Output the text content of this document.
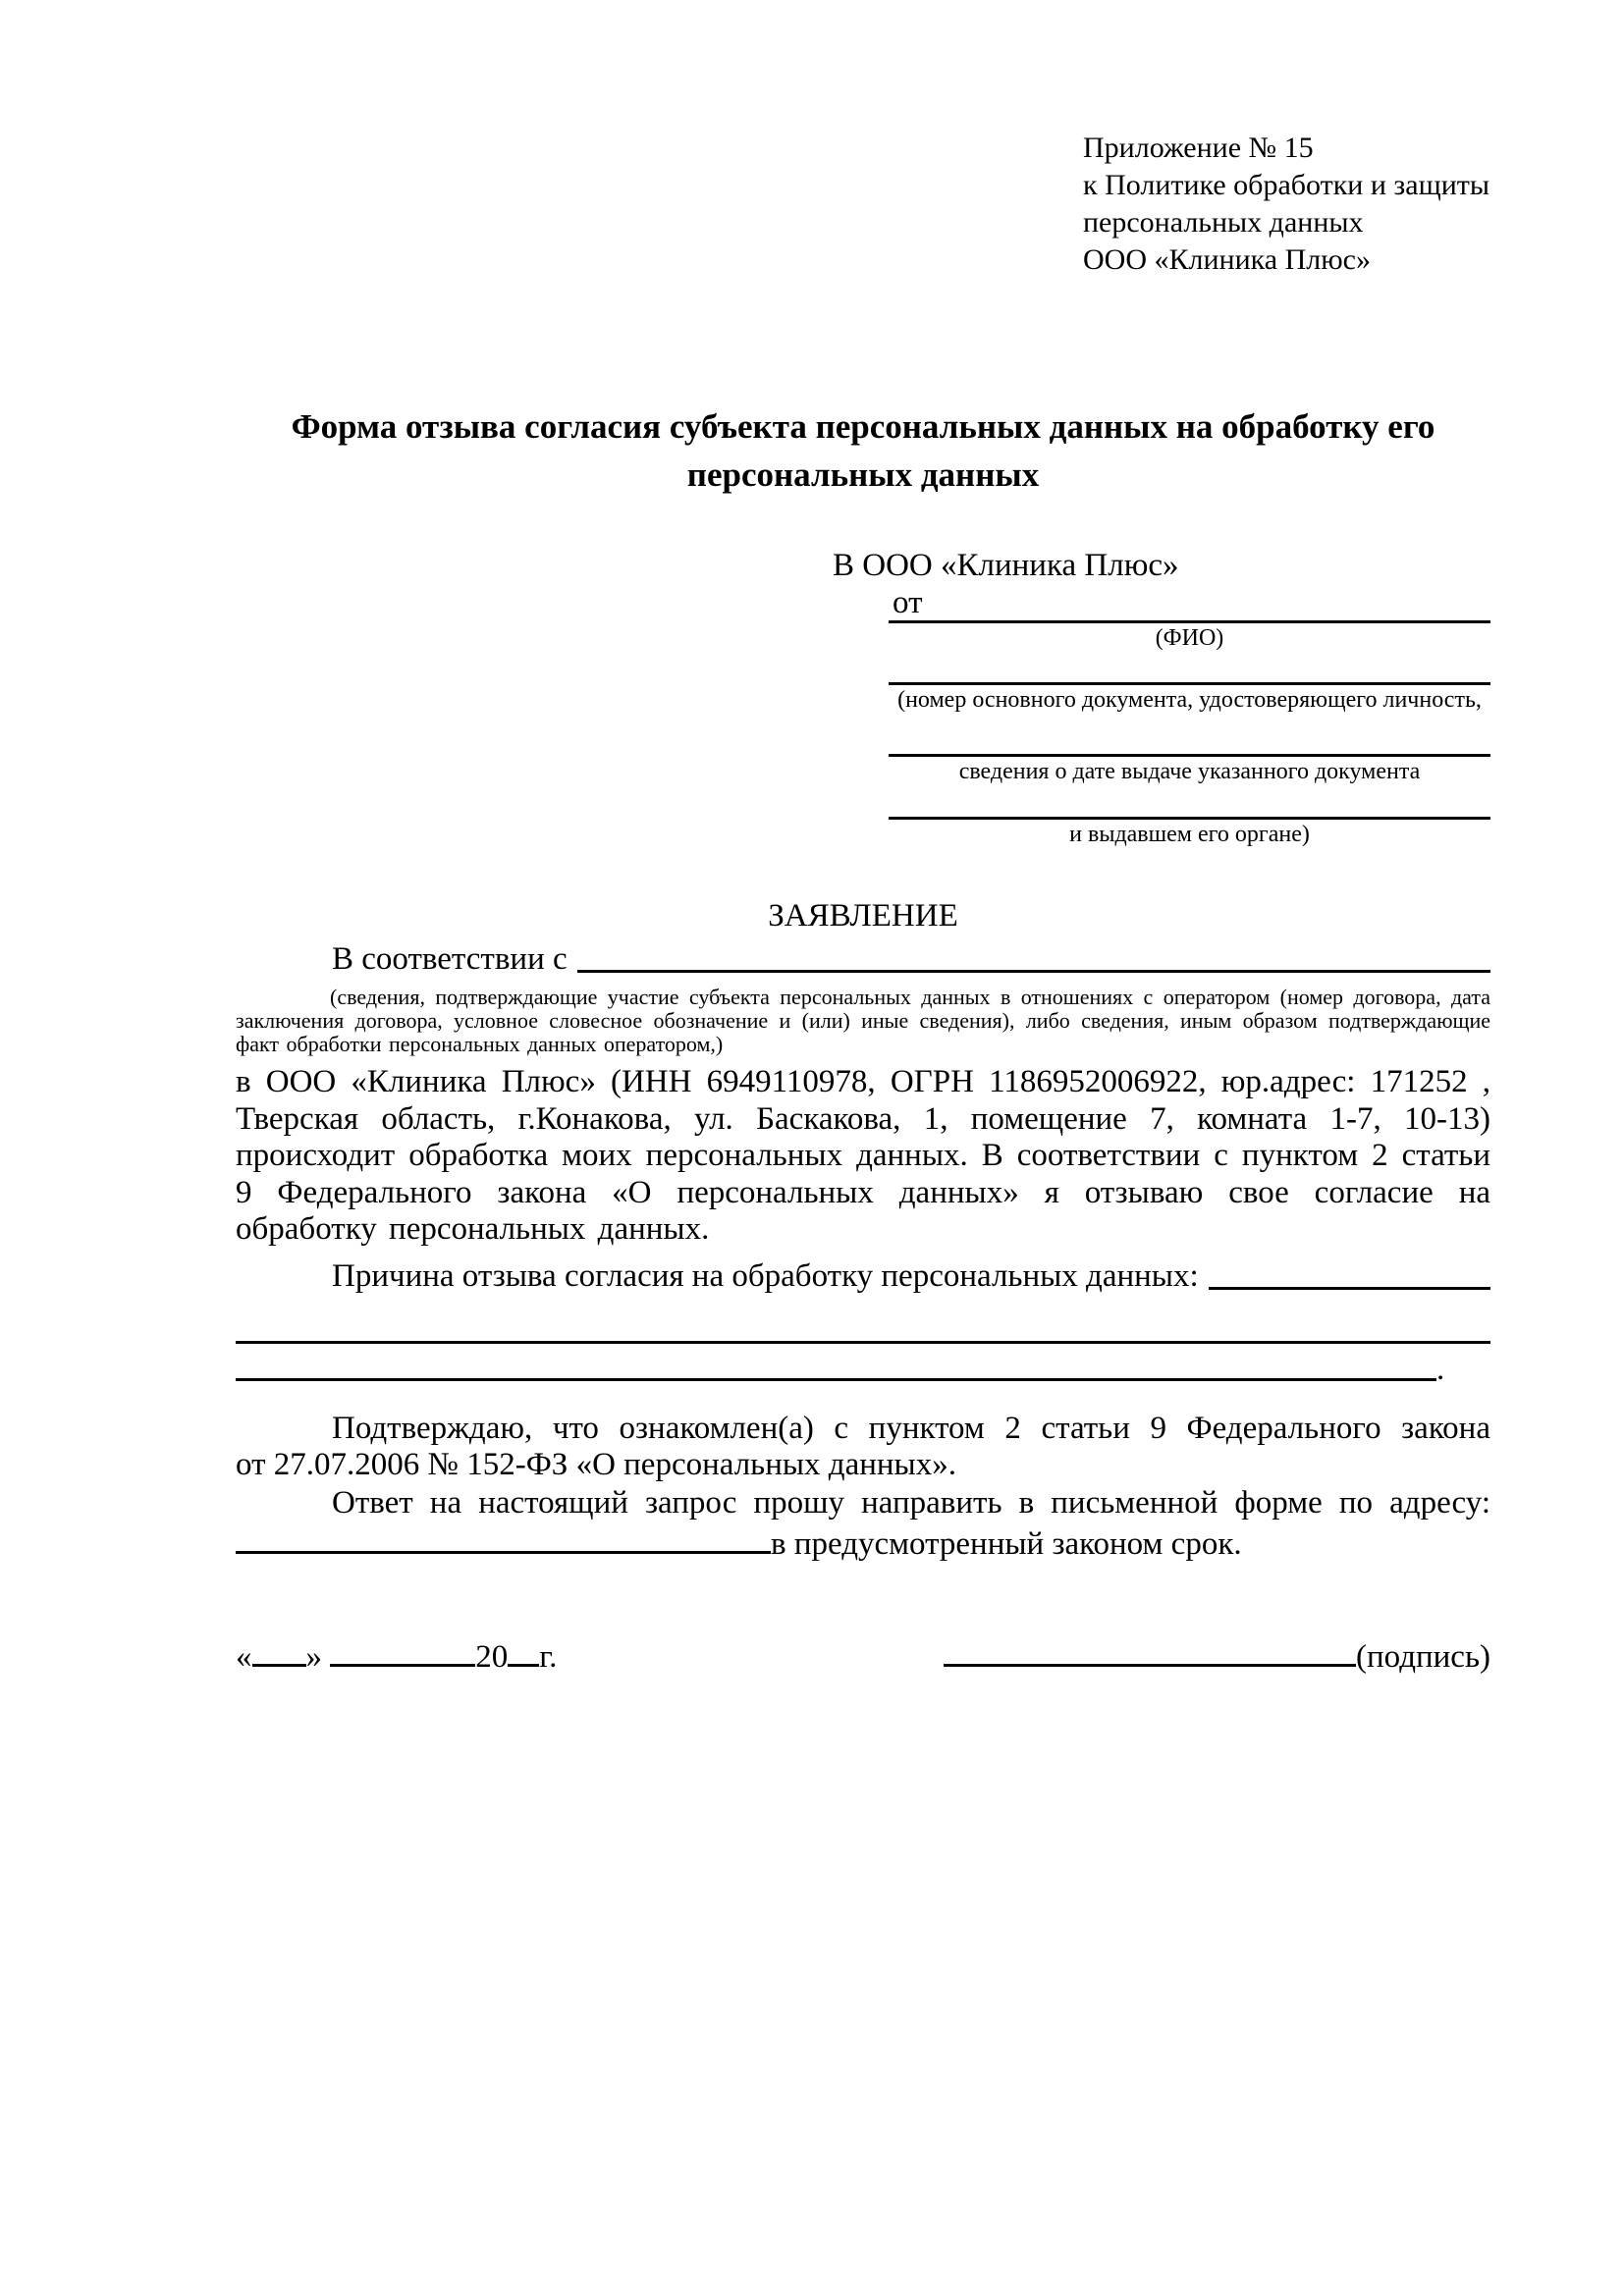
Приложение № 15
к Политике обработки и защиты
персональных данных
ООО «Клиника Плюс»
Форма отзыва согласия субъекта персональных данных на обработку его персональных данных
В ООО «Клиника Плюс»
от
(ФИО)
(номер основного документа, удостоверяющего личность,
сведения о дате выдаче указанного документа
и выдавшем его органе)
ЗАЯВЛЕНИЕ
В соответствии с
(сведения, подтверждающие участие субъекта персональных данных в отношениях с оператором (номер договора, дата заключения договора, условное словесное обозначение и (или) иные сведения), либо сведения, иным образом подтверждающие факт обработки персональных данных оператором,)
в ООО «Клиника Плюс» (ИНН 6949110978, ОГРН 1186952006922, юр.адрес: 171252 , Тверская область, г.Конакова, ул. Баскакова, 1, помещение 7, комната 1-7, 10-13) происходит обработка моих персональных данных. В соответствии с пунктом 2 статьи 9 Федерального закона «О персональных данных» я отзываю свое согласие на обработку персональных данных.
Причина отзыва согласия на обработку персональных данных:
.
Подтверждаю, что ознакомлен(а) с пунктом 2 статьи 9 Федерального закона
от 27.07.2006 № 152-ФЗ «О персональных данных».
Ответ на настоящий запрос прошу направить в письменной форме по адресу:
в предусмотренный законом срок.
« »	20 г.	(подпись)
